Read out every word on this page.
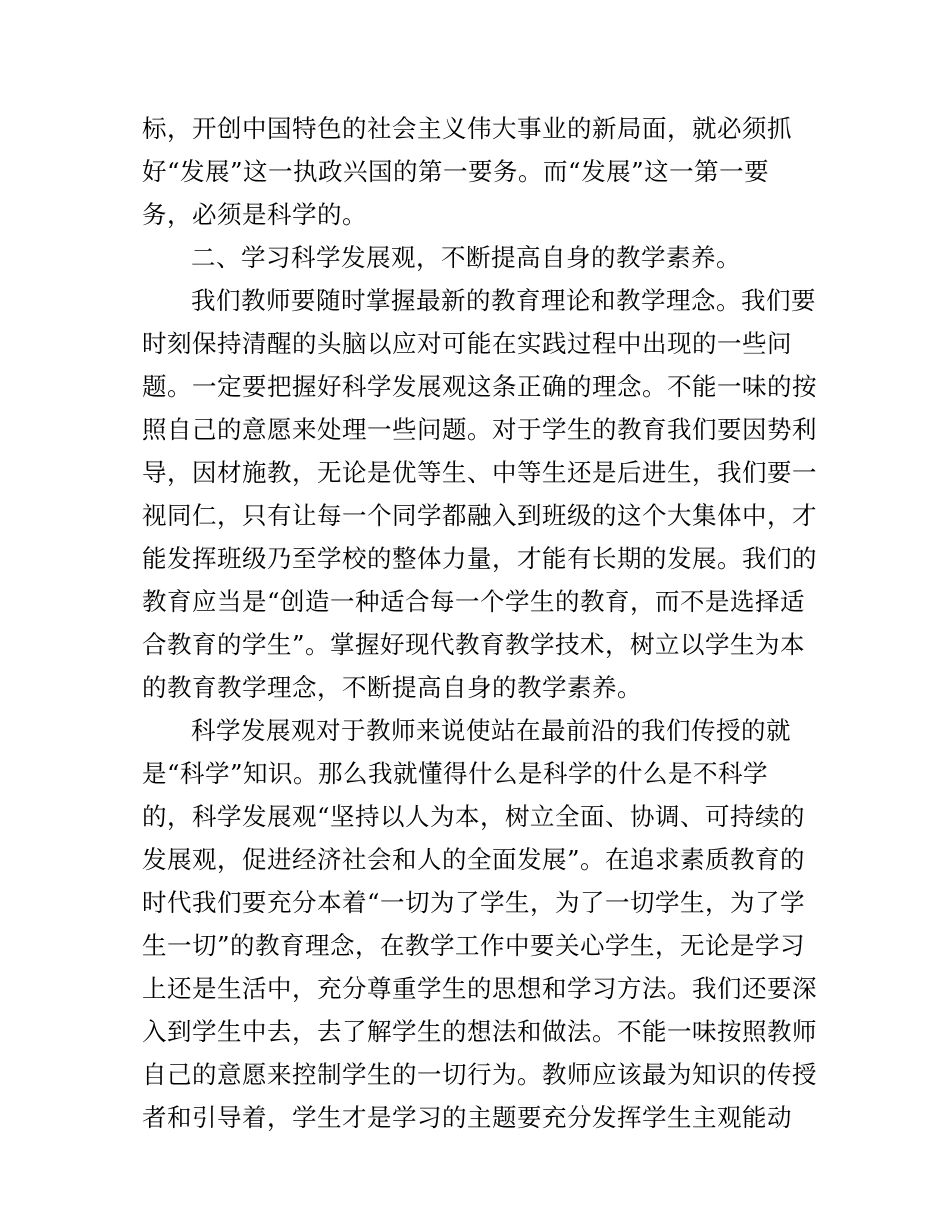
标，开创中国特色的社会主义伟大事业的新局面，就必须抓
好“发展”这一执政兴国的第一要务。而“发展”这一第一要
务，必须是科学的。
二、学习科学发展观，不断提高自身的教学素养。
我们教师要随时掌握最新的教育理论和教学理念。我们要
时刻保持清醒的头脑以应对可能在实践过程中出现的一些问
题。一定要把握好科学发展观这条正确的理念。不能一味的按
照自己的意愿来处理一些问题。对于学生的教育我们要因势利
导，因材施教，无论是优等生、中等生还是后进生，我们要一
视同仁，只有让每一个同学都融入到班级的这个大集体中，才
能发挥班级乃至学校的整体力量，才能有长期的发展。我们的
教育应当是“创造一种适合每一个学生的教育，而不是选择适
合教育的学生”。掌握好现代教育教学技术，树立以学生为本
的教育教学理念，不断提高自身的教学素养。
科学发展观对于教师来说使站在最前沿的我们传授的就
是“科学”知识。那么我就懂得什么是科学的什么是不科学
的，科学发展观“坚持以人为本，树立全面、协调、可持续的
发展观，促进经济社会和人的全面发展”。在追求素质教育的
时代我们要充分本着“一切为了学生，为了一切学生，为了学
生一切”的教育理念，在教学工作中要关心学生，无论是学习
上还是生活中，充分尊重学生的思想和学习方法。我们还要深
入到学生中去，去了解学生的想法和做法。不能一味按照教师
自己的意愿来控制学生的一切行为。教师应该最为知识的传授
者和引导着，学生才是学习的主题要充分发挥学生主观能动
